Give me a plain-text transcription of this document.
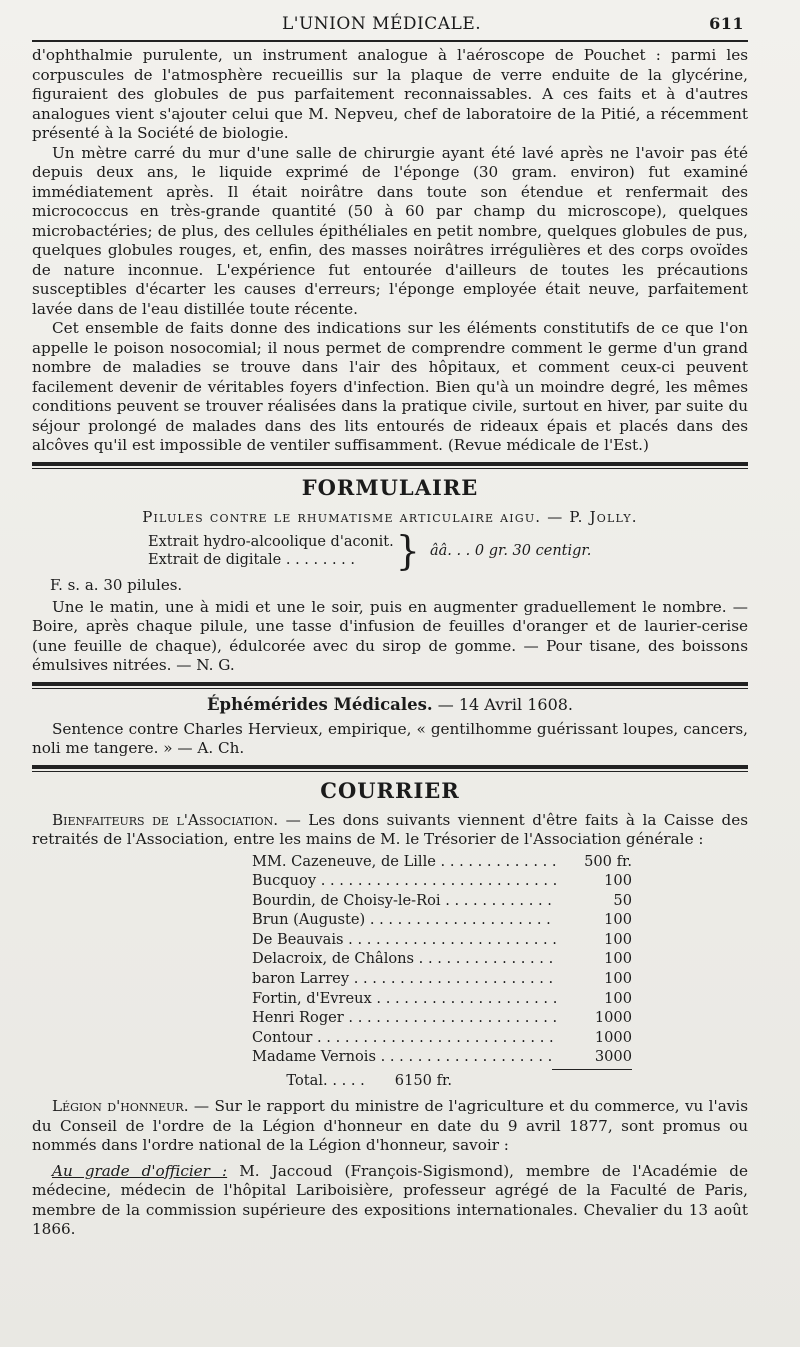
L'UNION MÉDICALE.	611

d'ophthalmie purulente, un instrument analogue à l'aéroscope de Pouchet : parmi les corpuscules de l'atmosphère recueillis sur la plaque de verre enduite de la glycérine, figuraient des globules de pus parfaitement reconnaissables. A ces faits et à d'autres analogues vient s'ajouter celui que M. Nepveu, chef de laboratoire de la Pitié, a récemment présenté à la Société de biologie.

Un mètre carré du mur d'une salle de chirurgie ayant été lavé après ne l'avoir pas été depuis deux ans, le liquide exprimé de l'éponge (30 gram. environ) fut examiné immédiatement après. Il était noirâtre dans toute son étendue et renfermait des micrococcus en très-grande quantité (50 à 60 par champ du microscope), quelques microbactéries; de plus, des cellules épithéliales en petit nombre, quelques globules de pus, quelques globules rouges, et, enfin, des masses noirâtres irrégulières et des corps ovoïdes de nature inconnue. L'expérience fut entourée d'ailleurs de toutes les précautions susceptibles d'écarter les causes d'erreurs; l'éponge employée était neuve, parfaitement lavée dans de l'eau distillée toute récente.

Cet ensemble de faits donne des indications sur les éléments constitutifs de ce que l'on appelle le poison nosocomial; il nous permet de comprendre comment le germe d'un grand nombre de maladies se trouve dans l'air des hôpitaux, et comment ceux-ci peuvent facilement devenir de véritables foyers d'infection. Bien qu'à un moindre degré, les mêmes conditions peuvent se trouver réalisées dans la pratique civile, surtout en hiver, par suite du séjour prolongé de malades dans des lits entourés de rideaux épais et placés dans des alcôves qu'il est impossible de ventiler suffisamment. (Revue médicale de l'Est.)

FORMULAIRE
Pilules contre le rhumatisme articulaire aigu. — P. Jolly.
Extrait hydro-alcoolique d'aconit.
Extrait de digitale . . . . . . . .	} ââ. . . 0 gr. 30 centigr.
F. s. a. 30 pilules.

Une le matin, une à midi et une le soir, puis en augmenter graduellement le nombre. — Boire, après chaque pilule, une tasse d'infusion de feuilles d'oranger et de laurier-cerise (une feuille de chaque), édulcorée avec du sirop de gomme. — Pour tisane, des boissons émulsives nitrées. — N. G.

Éphémérides Médicales. — 14 Avril 1608.

Sentence contre Charles Hervieux, empirique, « gentilhomme guérissant loupes, cancers, noli me tangere. » — A. Ch.

COURRIER

Bienfaiteurs de l'Association. — Les dons suivants viennent d'être faits à la Caisse des retraités de l'Association, entre les mains de M. le Trésorier de l'Association générale :

MM. Cazeneuve, de Lille . . .	500 fr.
Bucquoy . . .	100
Bourdin, de Choisy-le-Roi . . .	50
Brun (Auguste) . . .	100
De Beauvais . . .	100
Delacroix, de Châlons . . .	100
baron Larrey . . .	100
Fortin, d'Evreux . . .	100
Henri Roger . . .	1000
Contour . . .	1000
Madame Vernois . . .	3000
Total. . . . . 6150 fr.

Légion d'honneur. — Sur le rapport du ministre de l'agriculture et du commerce, vu l'avis du Conseil de l'ordre de la Légion d'honneur en date du 9 avril 1877, sont promus ou nommés dans l'ordre national de la Légion d'honneur, savoir :

Au grade d'officier : M. Jaccoud (François-Sigismond), membre de l'Académie de médecine, médecin de l'hôpital Lariboisière, professeur agrégé de la Faculté de Paris, membre de la commission supérieure des expositions internationales. Chevalier du 13 août 1866.
